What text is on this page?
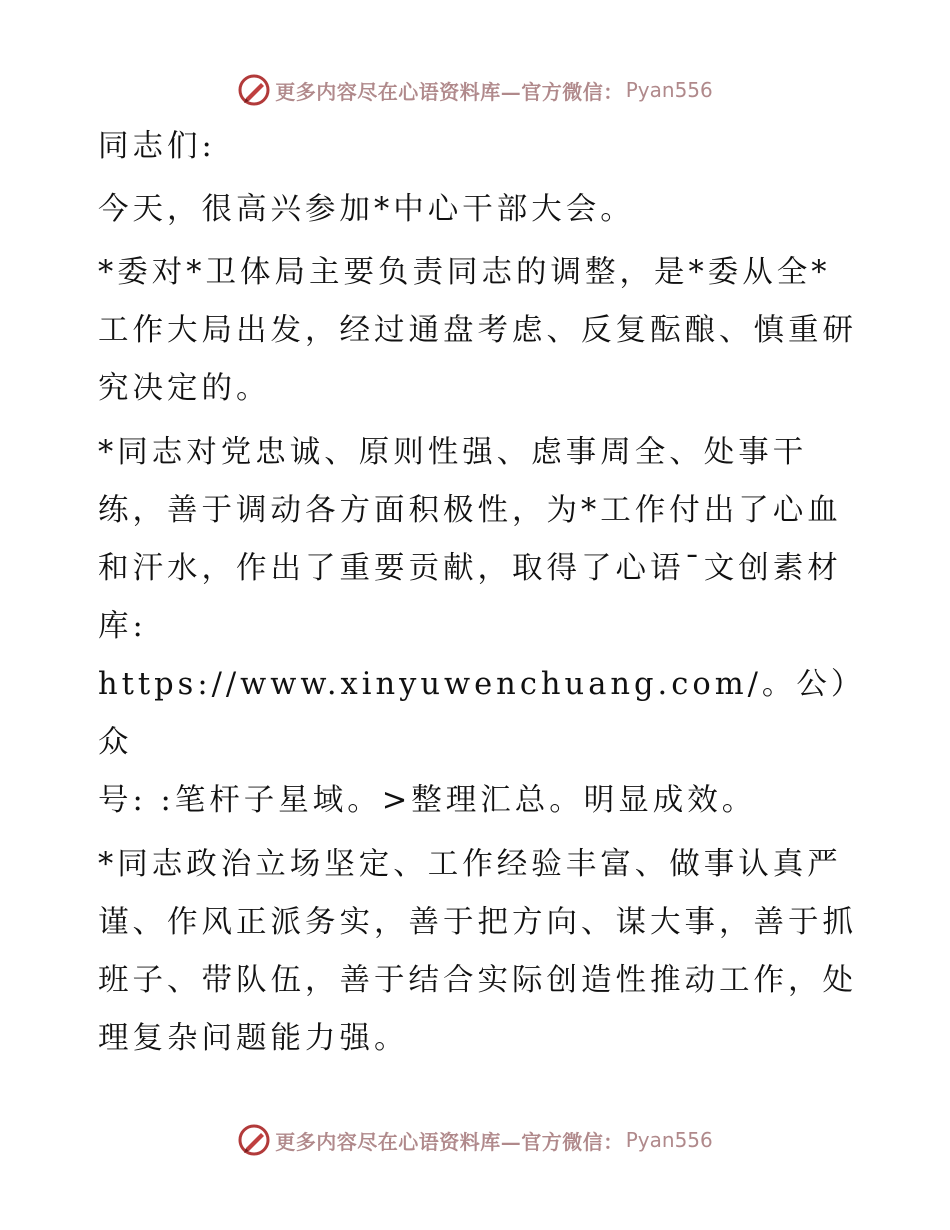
更多内容尽在心语资料库—官方微信： Pyan556
同志们:
今天，很高兴参加*中心干部大会。
*委对*卫体局主要负责同志的调整，是*委从全*
工作大局出发，经过通盘考虑、反复酝酿、慎重研
究决定的。
*同志对党忠诚、原则性强、虑事周全、处事干
练，善于调动各方面积极性，为*工作付出了心血
和汗水，作出了重要贡献，取得了心语¯文创素材
库: https://www.xinyuwenchuang.com/。公）众
号: :笔杆子星域。>整理汇总。明显成效。
*同志政治立场坚定、工作经验丰富、做事认真严
谨、作风正派务实，善于把方向、谋大事，善于抓
班子、带队伍，善于结合实际创造性推动工作，处
理复杂问题能力强。
更多内容尽在心语资料库—官方微信： Pyan556
